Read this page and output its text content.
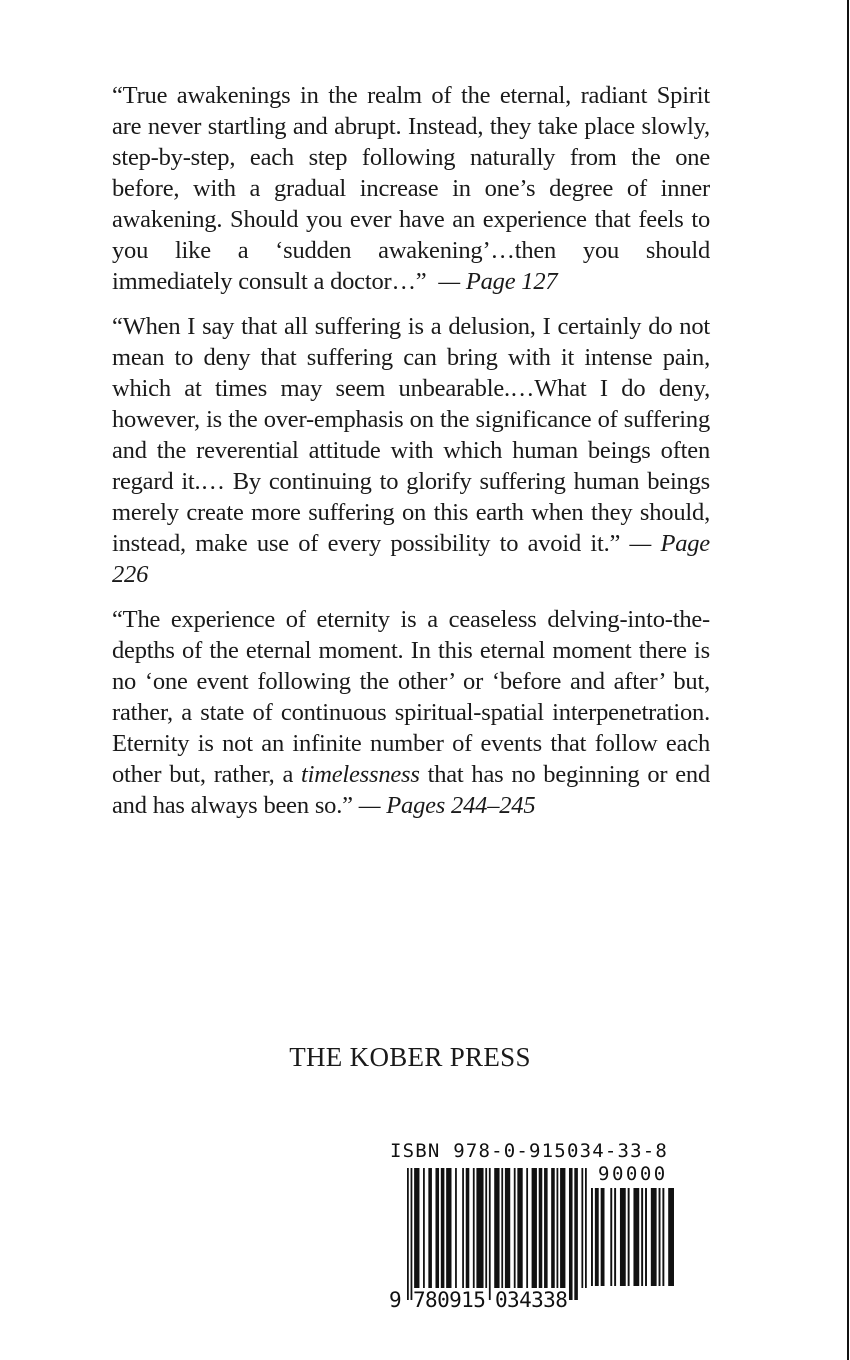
“True awakenings in the realm of the eternal, radiant Spirit are never startling and abrupt. Instead, they take place slowly, step-by-step, each step following naturally from the one before, with a gradual increase in one’s degree of inner awakening. Should you ever have an experience that feels to you like a ‘sudden awakening’…then you should immediately consult a doctor…” — Page 127

“When I say that all suffering is a delusion, I certainly do not mean to deny that suffering can bring with it intense pain, which at times may seem unbearable.…What I do deny, however, is the over-emphasis on the significance of suffering and the reverential attitude with which human beings often regard it.… By continuing to glorify suffering human beings merely create more suffering on this earth when they should, instead, make use of every possibility to avoid it.” — Page 226

“The experience of eternity is a ceaseless delving-into-the-depths of the eternal moment. In this eternal moment there is no ‘one event following the other’ or ‘before and after’ but, rather, a state of continuous spiritual-spatial interpenetration. Eternity is not an infinite number of events that follow each other but, rather, a timelessness that has no beginning or end and has always been so.” — Pages 244–245

THE KOBER PRESS
ISBN 978-0-915034-33-8
90000
9 780915 034338
